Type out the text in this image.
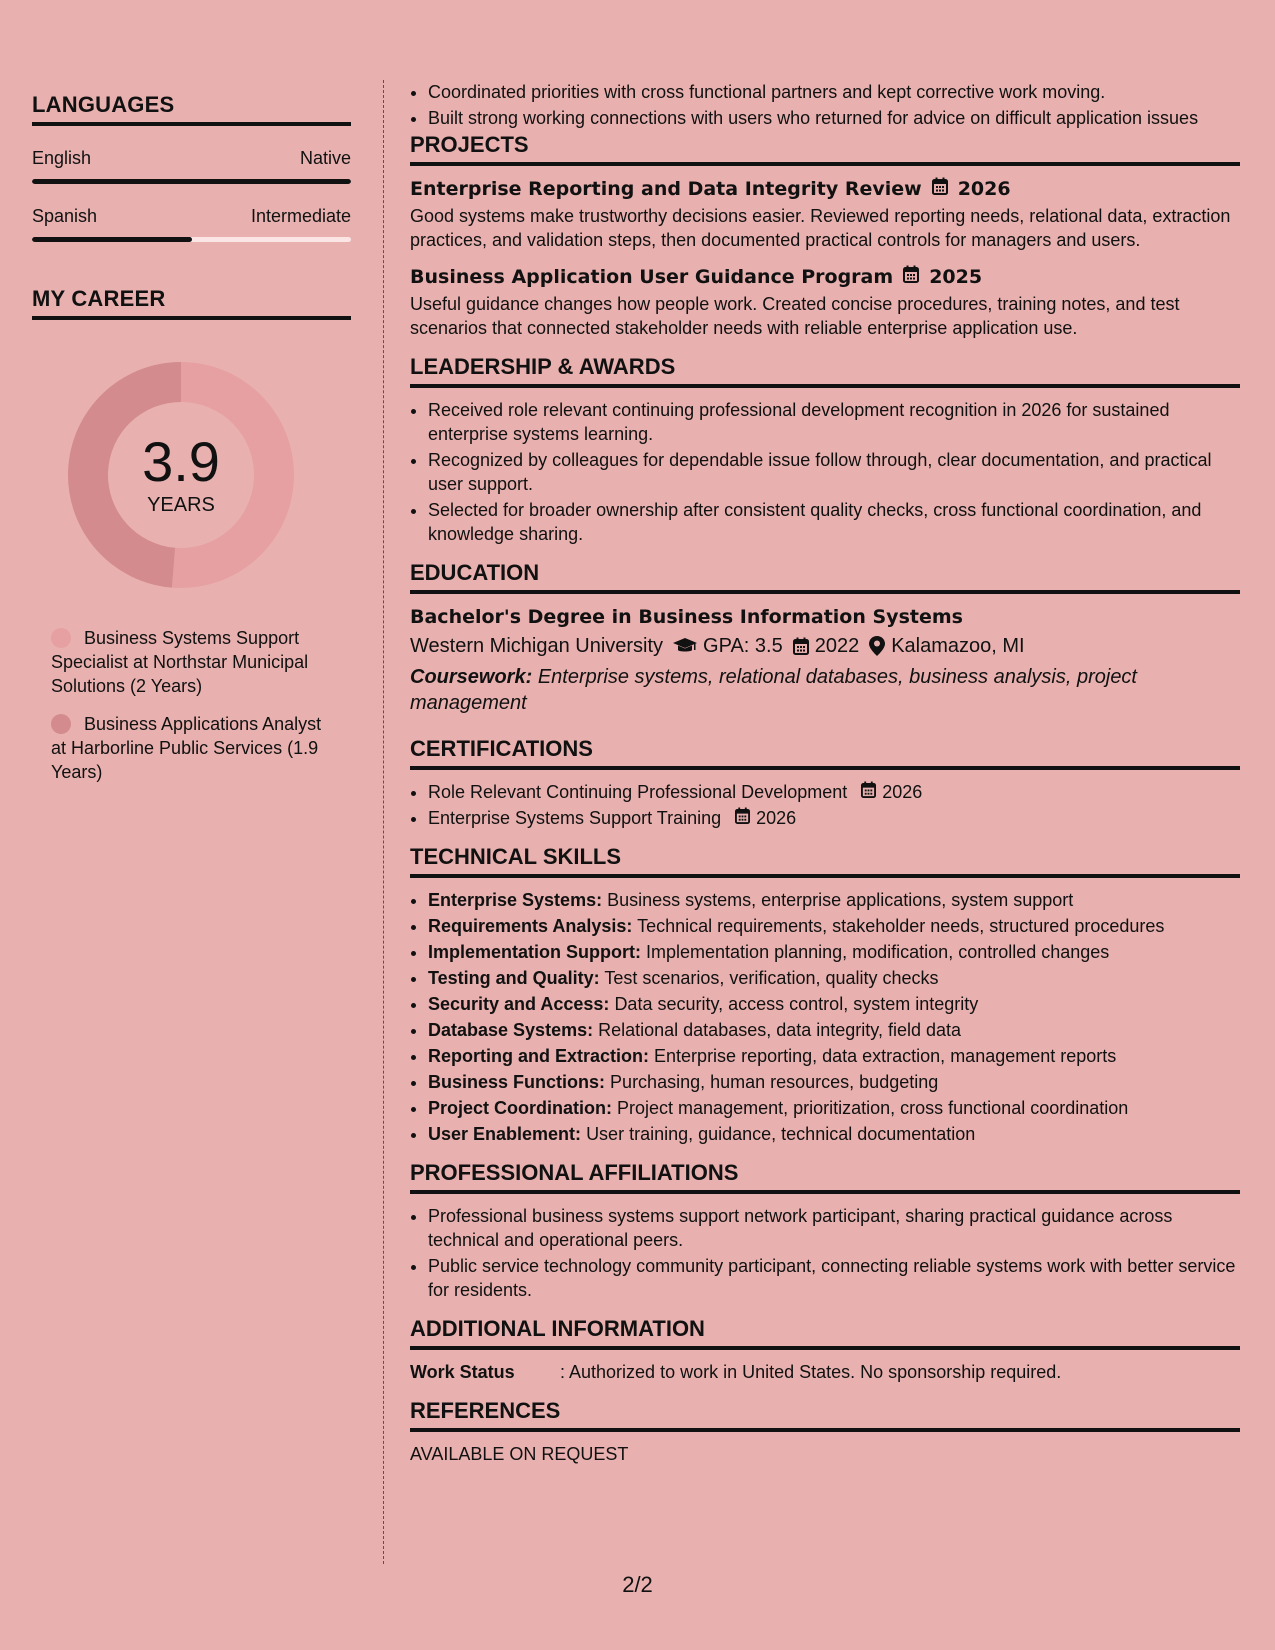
LANGUAGES
English	Native
Spanish	Intermediate
MY CAREER
3.9
YEARS
Business Systems Support Specialist at Northstar Municipal Solutions (2 Years)
Business Applications Analyst at Harborline Public Services (1.9 Years)
• Coordinated priorities with cross functional partners and kept corrective work moving.
• Built strong working connections with users who returned for advice on difficult application issues
PROJECTS
Enterprise Reporting and Data Integrity Review 2026
Good systems make trustworthy decisions easier. Reviewed reporting needs, relational data, extraction practices, and validation steps, then documented practical controls for managers and users.
Business Application User Guidance Program 2025
Useful guidance changes how people work. Created concise procedures, training notes, and test scenarios that connected stakeholder needs with reliable enterprise application use.
LEADERSHIP & AWARDS
• Received role relevant continuing professional development recognition in 2026 for sustained enterprise systems learning.
• Recognized by colleagues for dependable issue follow through, clear documentation, and practical user support.
• Selected for broader ownership after consistent quality checks, cross functional coordination, and knowledge sharing.
EDUCATION
Bachelor's Degree in Business Information Systems
Western Michigan University GPA: 3.5 2022 Kalamazoo, MI
Coursework: Enterprise systems, relational databases, business analysis, project management
CERTIFICATIONS
• Role Relevant Continuing Professional Development 2026
• Enterprise Systems Support Training 2026
TECHNICAL SKILLS
• Enterprise Systems: Business systems, enterprise applications, system support
• Requirements Analysis: Technical requirements, stakeholder needs, structured procedures
• Implementation Support: Implementation planning, modification, controlled changes
• Testing and Quality: Test scenarios, verification, quality checks
• Security and Access: Data security, access control, system integrity
• Database Systems: Relational databases, data integrity, field data
• Reporting and Extraction: Enterprise reporting, data extraction, management reports
• Business Functions: Purchasing, human resources, budgeting
• Project Coordination: Project management, prioritization, cross functional coordination
• User Enablement: User training, guidance, technical documentation
PROFESSIONAL AFFILIATIONS
• Professional business systems support network participant, sharing practical guidance across technical and operational peers.
• Public service technology community participant, connecting reliable systems work with better service for residents.
ADDITIONAL INFORMATION
Work Status	: Authorized to work in United States. No sponsorship required.
REFERENCES
AVAILABLE ON REQUEST
2/2
